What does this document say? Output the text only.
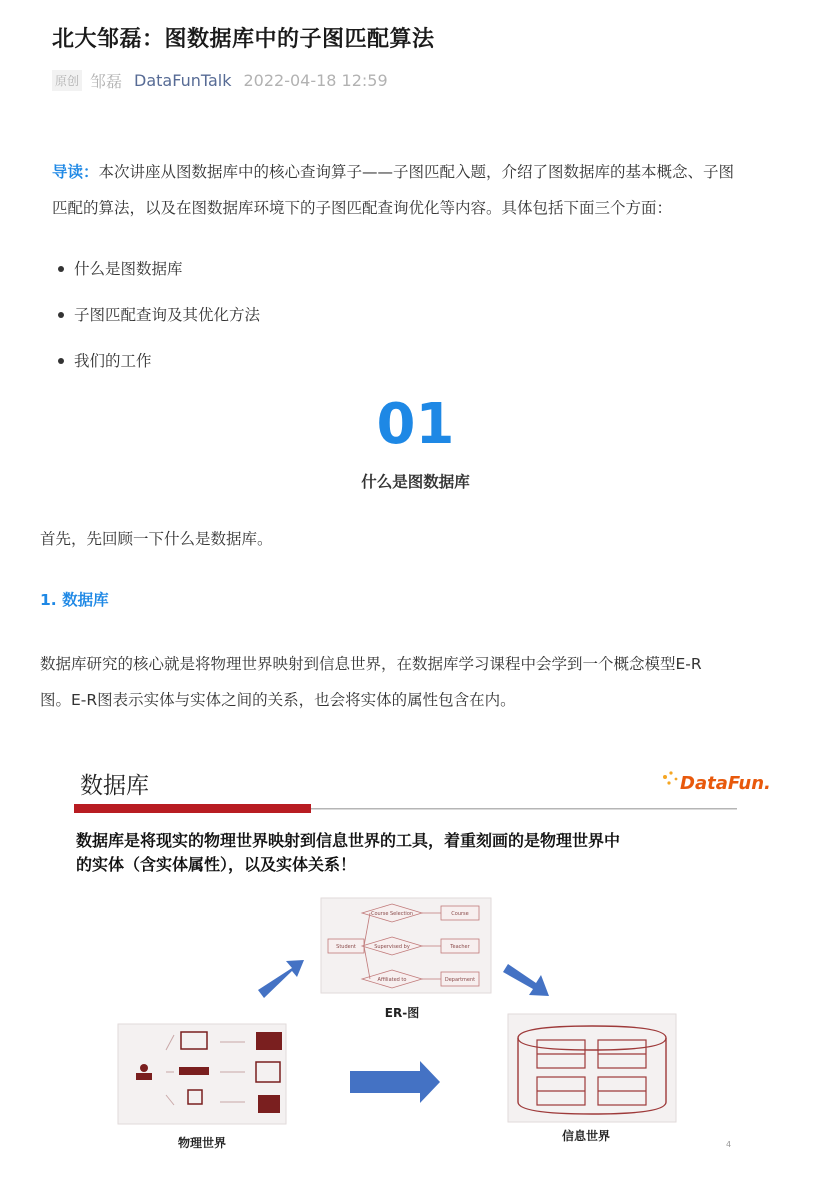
北大邹磊：图数据库中的子图匹配算法
原创 邹磊 DataFunTalk 2022-04-18 12:59
导读：本次讲座从图数据库中的核心查询算子——子图匹配入题，介绍了图数据库的基本概念、子图
匹配的算法，以及在图数据库环境下的子图匹配查询优化等内容。具体包括下面三个方面：
什么是图数据库
子图匹配查询及其优化方法
我们的工作
01
什么是图数据库
首先，先回顾一下什么是数据库。
1. 数据库
数据库研究的核心就是将物理世界映射到信息世界，在数据库学习课程中会学到一个概念模型E-R
图。E-R图表示实体与实体之间的关系，也会将实体的属性包含在内。
数据库	DataFun.
数据库是将现实的物理世界映射到信息世界的工具，着重刻画的是物理世界中
的实体（含实体属性），以及实体关系！
Student
Course Selection
Supervised by
Affiliated to
Course
Teacher
Department
ER-图
物理世界	信息世界
4
